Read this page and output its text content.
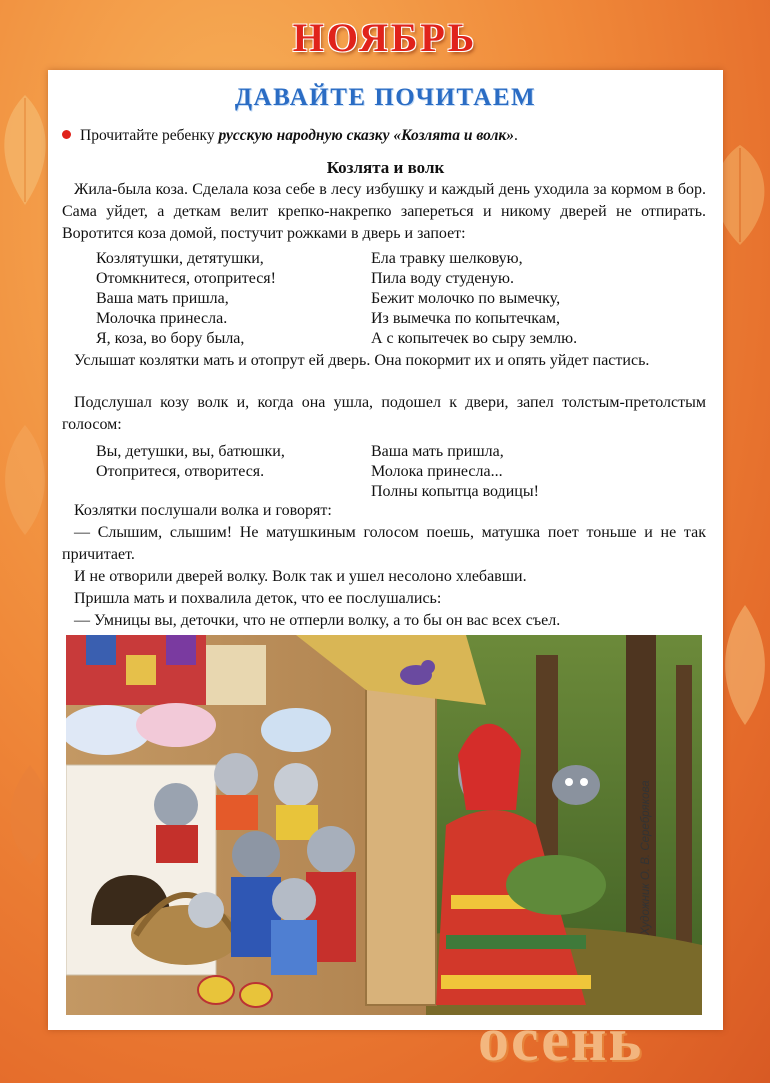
НОЯБРЬ
ДАВАЙТЕ ПОЧИТАЕМ
Прочитайте ребенку русскую народную сказку «Козлята и волк».
Козлята и волк

Жила-была коза. Сделала коза себе в лесу избушку и каждый день уходила за кормом в бор. Сама уйдет, а деткам велит крепко-накрепко запереться и никому дверей не отпирать. Воротится коза домой, постучит рожками в дверь и запоет:

Козлятушки, детятушки,
Отомкнитеся, отопритеся!
Ваша мать пришла,
Молочка принесла.
Я, коза, во бору была,
Ела травку шелковую,
Пила воду студеную.
Бежит молочко по вымечку,
Из вымечка по копытечкам,
А с копытечек во сыру землю.

Услышат козлятки мать и отопрут ей дверь. Она покормит их и опять уйдет пастись.

Подслушал козу волк и, когда она ушла, подошел к двери, запел толстым-претолстым голосом:

Вы, детушки, вы, батюшки,
Отопритеся, отворитеся.
Ваша мать пришла,
Молока принесла...
Полны копытца водицы!

Козлятки послушали волка и говорят:

— Слышим, слышим! Не матушкиным голосом поешь, матушка поет тоньше и не так причитает.

И не отворили дверей волку. Волк так и ушел несолоно хлебавши.

Пришла мать и похвалила деток, что ее послушались:

— Умницы вы, деточки, что не отперли волку, а то бы он вас всех съел.

Художник О. В. Серебрякова
осень
